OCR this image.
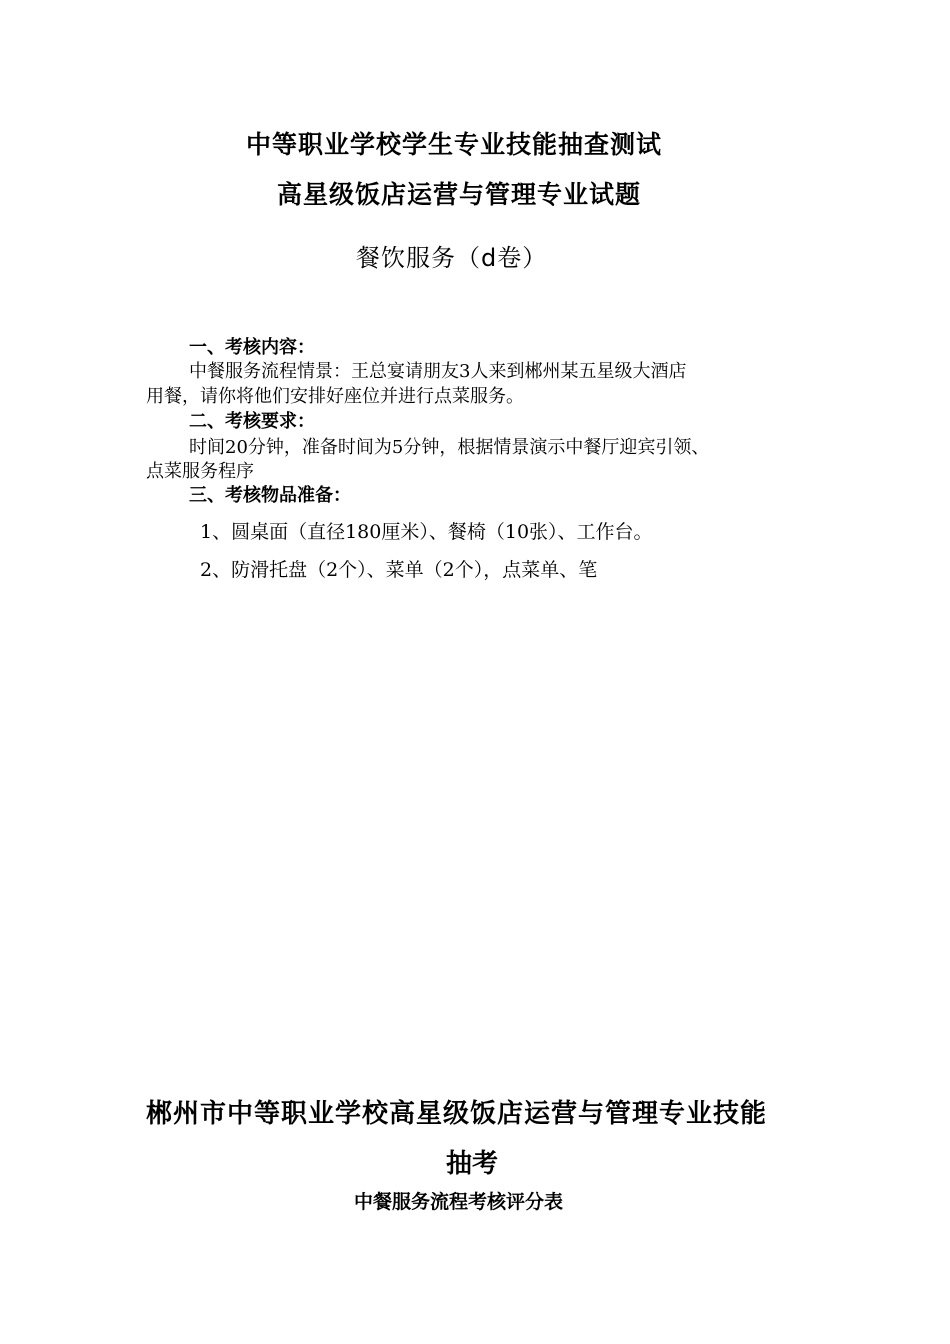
中等职业学校学生专业技能抽查测试
高星级饭店运营与管理专业试题
餐饮服务（d卷）
一、考核内容：
中餐服务流程情景：王总宴请朋友3人来到郴州某五星级大酒店
用餐，请你将他们安排好座位并进行点菜服务。
二、考核要求：
时间20分钟，准备时间为5分钟，根据情景演示中餐厅迎宾引领、
点菜服务程序
三、考核物品准备：
1、圆桌面（直径180厘米）、餐椅（10张）、工作台。
2、防滑托盘（2个）、菜单（2个），点菜单、笔
郴州市中等职业学校高星级饭店运营与管理专业技能
抽考
中餐服务流程考核评分表
